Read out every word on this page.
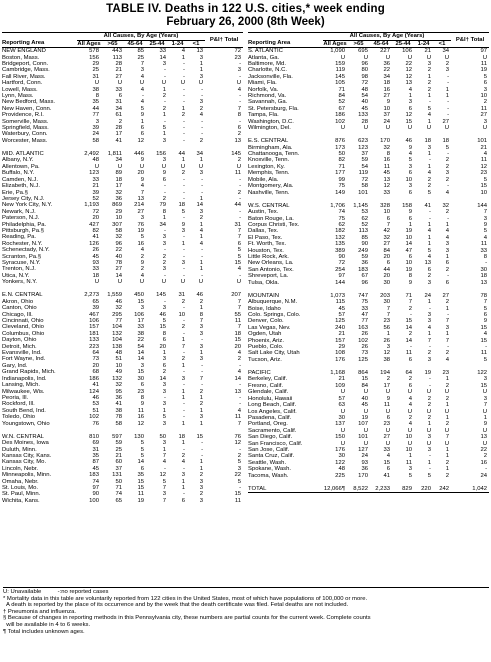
TABLE IV. Deaths in 122 U.S. cities,* week ending
February 26, 2000 (8th Week)
Reporting Area	All Causes, By Age (Years)						P&I† Total
	All Ages	>65	45-64	25-44	1-24	<1	
NEW ENGLAND	578	443	85	33	4	13	72
Boston, Mass.	156	113	25	14	1	3	23
Bridgeport, Conn.	29	28	7	3	-	1	-
Cambridge, Mass.	25	21	3	-	-	1	3
Fall River, Mass.	31	27	4	-	-	3	-
Hartford, Conn.	U	U	U	U	U	U	U
Lowell, Mass.	38	33	4	1	-	-	4
Lynn, Mass.	8	6	-	2	-	-	-
New Bedford, Mass.	35	31	4	-	-	3	-
New Haven, Conn.	44	34	5	2	1	2	7
Providence, R.I.	77	61	9	1	2	4	8
Somerville, Mass.	3	2	1	-	-	-	-
Springfield, Mass.	39	28	6	5	-	-	6
Waterbury, Conn.	24	17	6	1	-	-	2
Worcester, Mass.	58	41	12	3	-	2	13

MID. ATLANTIC	2,492	1,811	446	156	44	34	145
Albany, N.Y.	48	34	9	3	1	1	2
Allentown, Pa.	U	U	U	U	U	U	U
Buffalo, N.Y.	123	89	20	9	2	3	11
Camden, N.J.	33	18	9	6	-	-	-
Elizabeth, N.J.	21	17	4	-	-	-	-
Erie, Pa.§	39	32	7	-	-	-	2
Jersey City, N.J.	52	36	13	2	-	1	-
New York City, N.Y.	1,193	869	214	79	18	14	44
Newark, N.J.	72	29	27	8	5	3	-
Paterson, N.J.	20	10	3	1	-	2	-
Philadelphia, Pa.	427	307	76	34	9	1	31
Pittsburgh, Pa.§	82	58	19	-	3	4	7
Reading, Pa.	41	32	5	3	-	1	7
Rochester, N.Y.	126	96	16	3	1	4	6
Schenectady, N.Y.	26	22	4	-	-	-	5
Scranton, Pa.§	45	40	2	2	-	-	5
Syracuse, N.Y.	93	78	9	2	3	1	15
Trenton, N.J.	33	27	2	3	-	1	4
Utica, N.Y.	18	14	4	-	-	-	-
Yonkers, N.Y.	U	U	U	U	U	U	U

E.N. CENTRAL	2,273	1,559	450	145	31	46	207
Akron, Ohio	65	46	15	-	2	2	7
Canton, Ohio	39	32	3	3	-	1	7
Chicago, Ill.	467	295	106	46	10	8	55
Cincinnati, Ohio	106	77	17	5	-	7	11
Cleveland, Ohio	157	104	33	15	2	3	7
Columbus, Ohio	181	132	38	8	-	3	18
Dayton, Ohio	133	104	22	6	1	-	15
Detroit, Mich.	223	138	54	20	7	3	20
Evansville, Ind.	64	48	14	1	-	1	4
Fort Wayne, Ind.	73	51	14	3	2	3	2
Gary, Ind.	20	10	3	6	1	-	-
Grand Rapids, Mich.	68	49	15	2	-	-	4
Indianapolis, Ind.	186	132	30	14	3	7	14
Lansing, Mich.	41	32	6	3	-	-	-
Milwaukee, Wis.	124	95	23	3	1	2	13
Peoria, Ill.	46	36	8	-	1	1	-
Rockford, Ill.	53	41	9	3	-	2	-
South Bend, Ind.	51	38	11	1	-	1	4
Toledo, Ohio	102	78	16	5	-	3	11
Youngstown, Ohio	76	58	12	3	1	1	7

W.N. CENTRAL	810	597	130	50	18	15	76
Des Moines, Iowa	69	59	5	3	1	-	12
Duluth, Minn.	31	25	5	1	-	-	-
Kansas City, Kans.	35	21	5	7	2	-	2
Kansas City, Mo.	87	60	14	4	4	1	5
Lincoln, Nebr.	45	37	6	-	-	1	3
Minneapolis, Minn.	183	131	35	12	3	2	22
Omaha, Nebr.	74	50	15	5	1	3	5
St. Louis, Mo.	97	71	15	7	1	3	-
St. Paul, Minn.	90	74	11	3	-	2	15
Wichita, Kans.	100	65	19	7	6	3	11
Reporting Area	All Causes, By Age (Years)						P&I† Total
	All Ages	>65	45-64	25-44	1-24	<1	
S. ATLANTIC	1,090	695	227	106	21	34	97
Atlanta, Ga.	U	U	U	U	U	U	U
Baltimore, Md.	159	96	36	22	3	2	11
Charlotte, N.C.	119	80	22	12	2	3	19
Jacksonville, Fla.	145	98	34	12	1	-	5
Miami, Fla.	105	72	18	13	2	-	6
Norfolk, Va.	71	48	16	4	2	1	3
Richmond, Va.	84	54	27	1	1	1	10
Savannah, Ga.	52	40	9	3	-	-	2
St. Petersburg, Fla.	67	45	10	6	5	-	11
Tampa, Fla.	186	133	37	12	4	-	27
Washington, D.C.	102	28	24	15	1	27	3
Wilmington, Del.	U	U	U	U	U	U	U

E.S. CENTRAL	876	623	170	46	18	18	101
Birmingham, Ala.	173	123	32	9	3	5	21
Chattanooga, Tenn.	50	37	8	4	1	-	4
Knoxville, Tenn.	82	59	16	5	-	2	11
Lexington, Ky.	71	54	11	3	1	2	12
Memphis, Tenn.	177	119	45	6	4	3	23
Mobile, Ala.	99	72	13	10	2	2	5
Montgomery, Ala.	75	58	12	3	2	-	15
Nashville, Tenn.	149	101	33	6	5	4	10

W.S. CENTRAL	1,706	1,145	328	158	41	32	144
Austin, Tex.	74	53	10	9	-	2	7
Baton Rouge, La.	75	62	6	6	-	-	3
Corpus Christi, Tex.	62	52	7	1	1	1	9
Dallas, Tex.	182	113	42	19	4	4	5
El Paso, Tex.	132	85	32	10	1	4	4
Ft. Worth, Tex.	135	90	27	14	1	3	11
Houston, Tex.	389	249	84	47	5	3	33
Little Rock, Ark.	90	59	20	6	4	1	8
New Orleans, La.	72	36	6	10	13	6	-
San Antonio, Tex.	254	183	44	19	6	2	30
Shreveport, La.	97	67	20	8	2	-	18
Tulsa, Okla.	144	96	30	9	3	6	13

MOUNTAIN	1,073	747	203	71	24	27	78
Albuquerque, N.M.	115	75	30	7	1	2	7
Boise, Idaho	45	33	7	2	-	1	5
Colo. Springs, Colo.	57	47	7	-	3	-	6
Denver, Colo.	125	77	23	15	3	7	9
Las Vegas, Nev.	240	163	56	14	4	3	15
Ogden, Utah	21	26	1	2	1	1	4
Phoenix, Ariz.	157	102	26	14	7	7	15
Pueblo, Colo.	29	26	3	-	-	-	-
Salt Lake City, Utah	108	73	12	11	2	2	11
Tucson, Ariz.	176	125	38	6	3	4	5

PACIFIC	1,168	864	194	64	19	23	122
Berkeley, Calif.	21	15	2	2	-	1	3
Fresno, Calif.	109	84	17	6	-	2	15
Glendale, Calif.	U	U	U	U	U	U	U
Honolulu, Hawaii	57	40	9	4	2	2	3
Long Beach, Calif.	63	45	11	4	2	1	7
Los Angeles, Calif.	U	U	U	U	U	U	U
Pasadena, Calif.	30	19	6	2	2	1	1
Portland, Oreg.	137	107	23	4	1	2	9
Sacramento, Calif.	U	U	U	U	U	U	U
San Diego, Calif.	150	101	27	10	3	7	13
San Francisco, Calif.	U	U	U	U	U	U	U
San Jose, Calif.	176	127	33	10	3	1	22
Santa Cruz, Calif.	30	24	4	1	-	1	2
Seattle, Wash.	122	93	15	11	1	2	16
Spokane, Wash.	48	36	6	3	-	1	-
Tacoma, Wash.	225	170	41	5	5	2	24

TOTAL	12,066¶	8,522	2,233	829	220	242	1,042
U: Unavailable          -:no reported cases
* Mortality data in this table are voluntarily reported from 122 cities in the United States, most of which have populations of 100,000 or more.
A death is reported by the place of its occurrence and by the week that the death certificate was filed. Fetal deaths are not included.
† Pneumonia and influenza.
§ Because of changes in reporting methods in this Pennsylvania city, these numbers are partial counts for the current week. Complete counts
will be available in 4 to 6 weeks.
¶ Total includes unknown ages.
